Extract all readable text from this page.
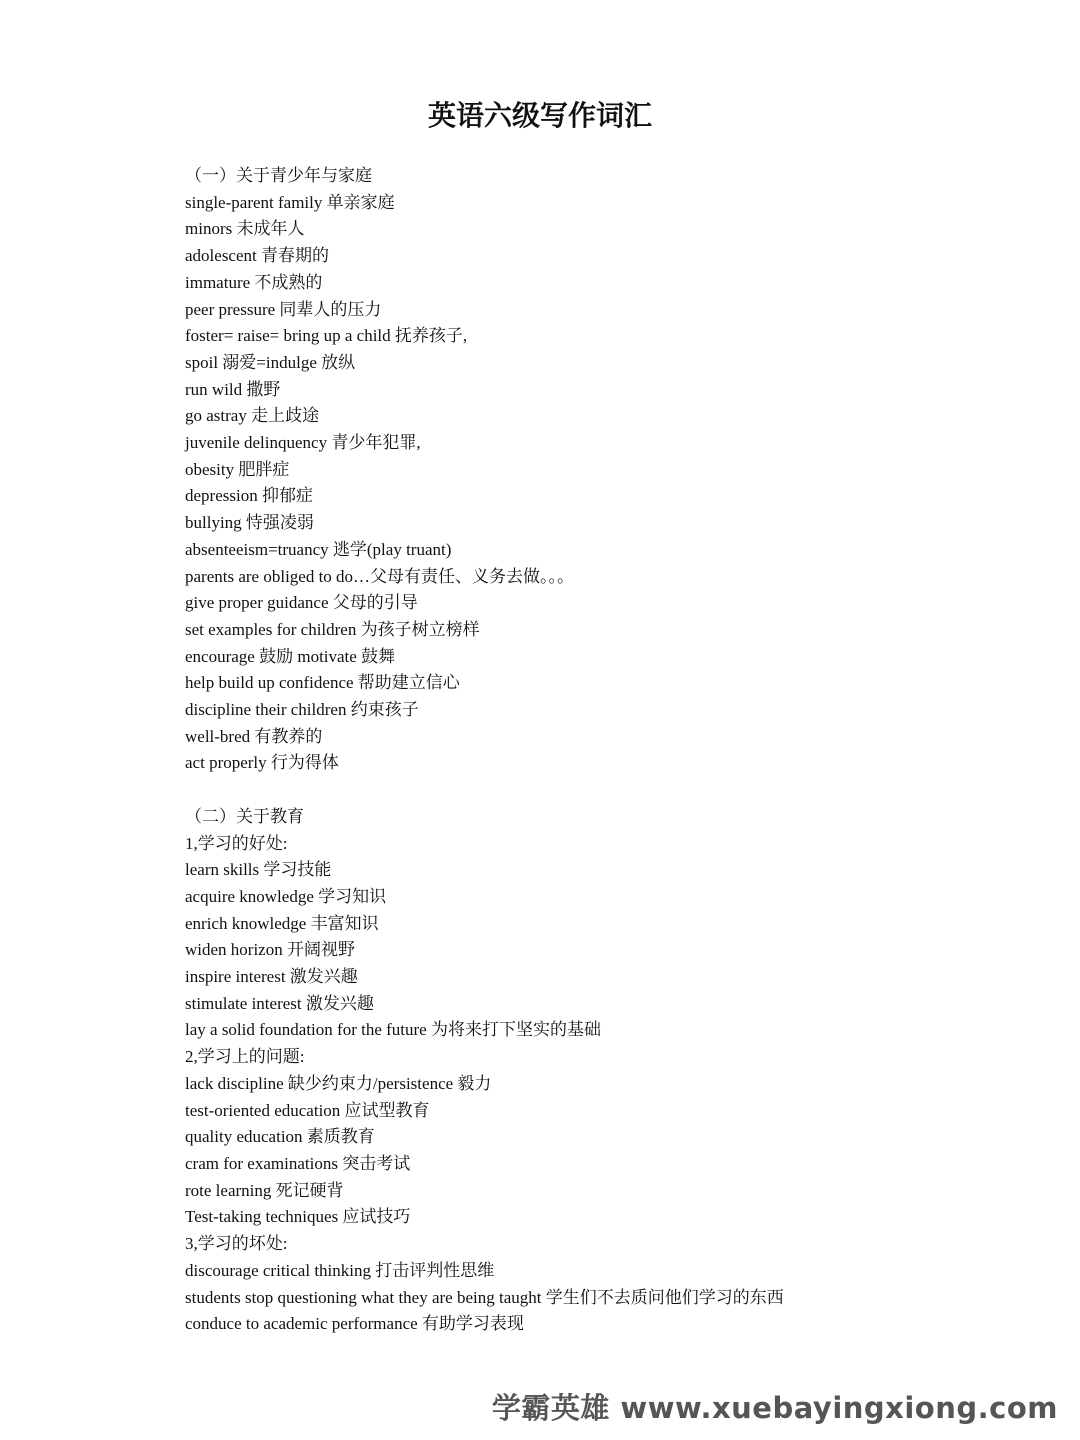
英语六级写作词汇

（一）关于青少年与家庭

single-parent family 单亲家庭

minors 未成年人

adolescent 青春期的

immature 不成熟的

peer pressure 同辈人的压力

foster= raise= bring up a child 抚养孩子,

spoil 溺爱=indulge 放纵

run wild 撒野

go astray 走上歧途

juvenile delinquency 青少年犯罪,

obesity 肥胖症

depression 抑郁症

bullying 恃强凌弱

absenteeism=truancy 逃学(play truant)

parents are obliged to do…父母有责任、义务去做。。。

give proper guidance 父母的引导

set examples for children 为孩子树立榜样

encourage 鼓励 motivate 鼓舞

help build up confidence 帮助建立信心

discipline their children 约束孩子

well-bred 有教养的

act properly 行为得体

（二）关于教育

1,学习的好处:

learn skills 学习技能

acquire knowledge 学习知识

enrich knowledge 丰富知识

widen horizon 开阔视野

inspire interest 激发兴趣

stimulate interest 激发兴趣

lay a solid foundation for the future 为将来打下坚实的基础

2,学习上的问题:

lack discipline 缺少约束力/persistence 毅力

test-oriented education 应试型教育

quality education 素质教育

cram for examinations 突击考试

rote learning 死记硬背

Test-taking techniques 应试技巧

3,学习的坏处:

discourage critical thinking 打击评判性思维

students stop questioning what they are being taught 学生们不去质问他们学习的东西

conduce to academic performance 有助学习表现

学霸英雄 www.xuebayingxiong.com
